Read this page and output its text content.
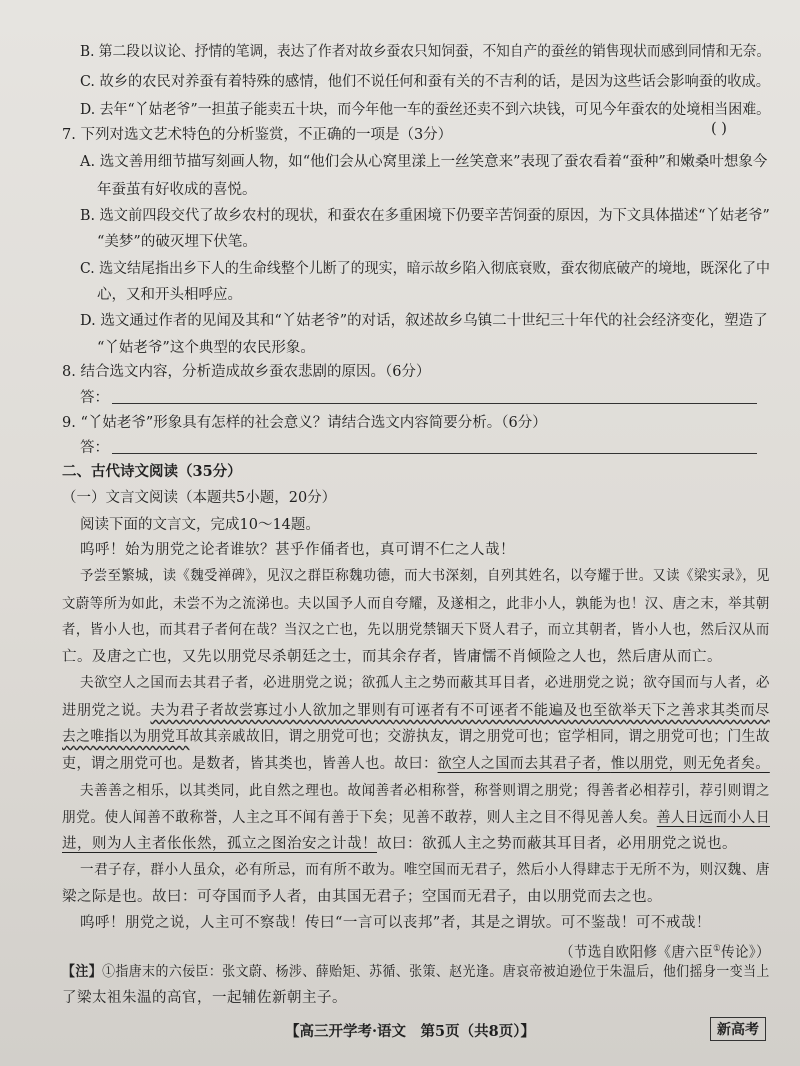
B. 第二段以议论、抒情的笔调，表达了作者对故乡蚕农只知饲蚕，不知自产的蚕丝的销售现状而感到同情和无奈。
C. 故乡的农民对养蚕有着特殊的感情，他们不说任何和蚕有关的不吉利的话，是因为这些话会影响蚕的收成。
D. 去年“丫姑老爷”一担茧子能卖五十块，而今年他一车的蚕丝还卖不到六块钱，可见今年蚕农的处境相当困难。
7. 下列对选文艺术特色的分析鉴赏，不正确的一项是（3分）	( )
A. 选文善用细节描写刻画人物，如“他们会从心窝里漾上一丝笑意来”表现了蚕农看着“蚕种”和嫩桑叶想象今
年蚕茧有好收成的喜悦。
B. 选文前四段交代了故乡农村的现状，和蚕农在多重困境下仍要辛苦饲蚕的原因，为下文具体描述“丫姑老爷”
“美梦”的破灭埋下伏笔。
C. 选文结尾指出乡下人的生命线整个儿断了的现实，暗示故乡陷入彻底衰败，蚕农彻底破产的境地，既深化了中
心，又和开头相呼应。
D. 选文通过作者的见闻及其和“丫姑老爷”的对话，叙述故乡乌镇二十世纪三十年代的社会经济变化，塑造了
“丫姑老爷”这个典型的农民形象。
8. 结合选文内容，分析造成故乡蚕农悲剧的原因。（6分）
答：
9. “丫姑老爷”形象具有怎样的社会意义？请结合选文内容简要分析。（6分）
答：
二、古代诗文阅读（35分）
（一）文言文阅读（本题共5小题，20分）
阅读下面的文言文，完成10～14题。
呜呼！始为朋党之论者谁欤？甚乎作俑者也，真可谓不仁之人哉！
予尝至繁城，读《魏受禅碑》，见汉之群臣称魏功德，而大书深刻，自列其姓名，以夸耀于世。又读《梁实录》，见
文蔚等所为如此，未尝不为之流涕也。夫以国予人而自夸耀，及遂相之，此非小人，孰能为也！汉、唐之末，举其朝
者，皆小人也，而其君子者何在哉？当汉之亡也，先以朋党禁锢天下贤人君子，而立其朝者，皆小人也，然后汉从而
亡。及唐之亡也，又先以朋党尽杀朝廷之士，而其余存者，皆庸懦不肖倾险之人也，然后唐从而亡。
夫欲空人之国而去其君子者，必进朋党之说；欲孤人主之势而蔽其耳目者，必进朋党之说；欲夺国而与人者，必
进朋党之说。夫为君子者故尝寡过小人欲加之罪则有可诬者有不可诬者不能遍及也至欲举天下之善求其类而尽
去之唯指以为朋党耳故其亲戚故旧，谓之朋党可也；交游执友，谓之朋党可也；宦学相同，谓之朋党可也；门生故
吏，谓之朋党可也。是数者，皆其类也，皆善人也。故曰：欲空人之国而去其君子者，惟以朋党，则无免者矣。
夫善善之相乐，以其类同，此自然之理也。故闻善者必相称誉，称誉则谓之朋党；得善者必相荐引，荐引则谓之
朋党。使人闻善不敢称誉，人主之耳不闻有善于下矣；见善不敢荐，则人主之目不得见善人矣。善人日远而小人日
进，则为人主者伥伥然，孤立之图治安之计哉！故曰：欲孤人主之势而蔽其耳目者，必用朋党之说也。
一君子存，群小人虽众，必有所忌，而有所不敢为。唯空国而无君子，然后小人得肆志于无所不为，则汉魏、唐
梁之际是也。故曰：可夺国而予人者，由其国无君子；空国而无君子，由以朋党而去之也。
呜呼！朋党之说，人主可不察哉！传曰“一言可以丧邦”者，其是之谓欤。可不鉴哉！可不戒哉！
（节选自欧阳修《唐六臣①传论》）
【注】①指唐末的六佞臣：张文蔚、杨涉、薛贻矩、苏循、张策、赵光逢。唐哀帝被迫逊位于朱温后，他们摇身一变当上
了梁太祖朱温的高官，一起辅佐新朝主子。
【高三开学考·语文　第5页（共8页）】	新高考
